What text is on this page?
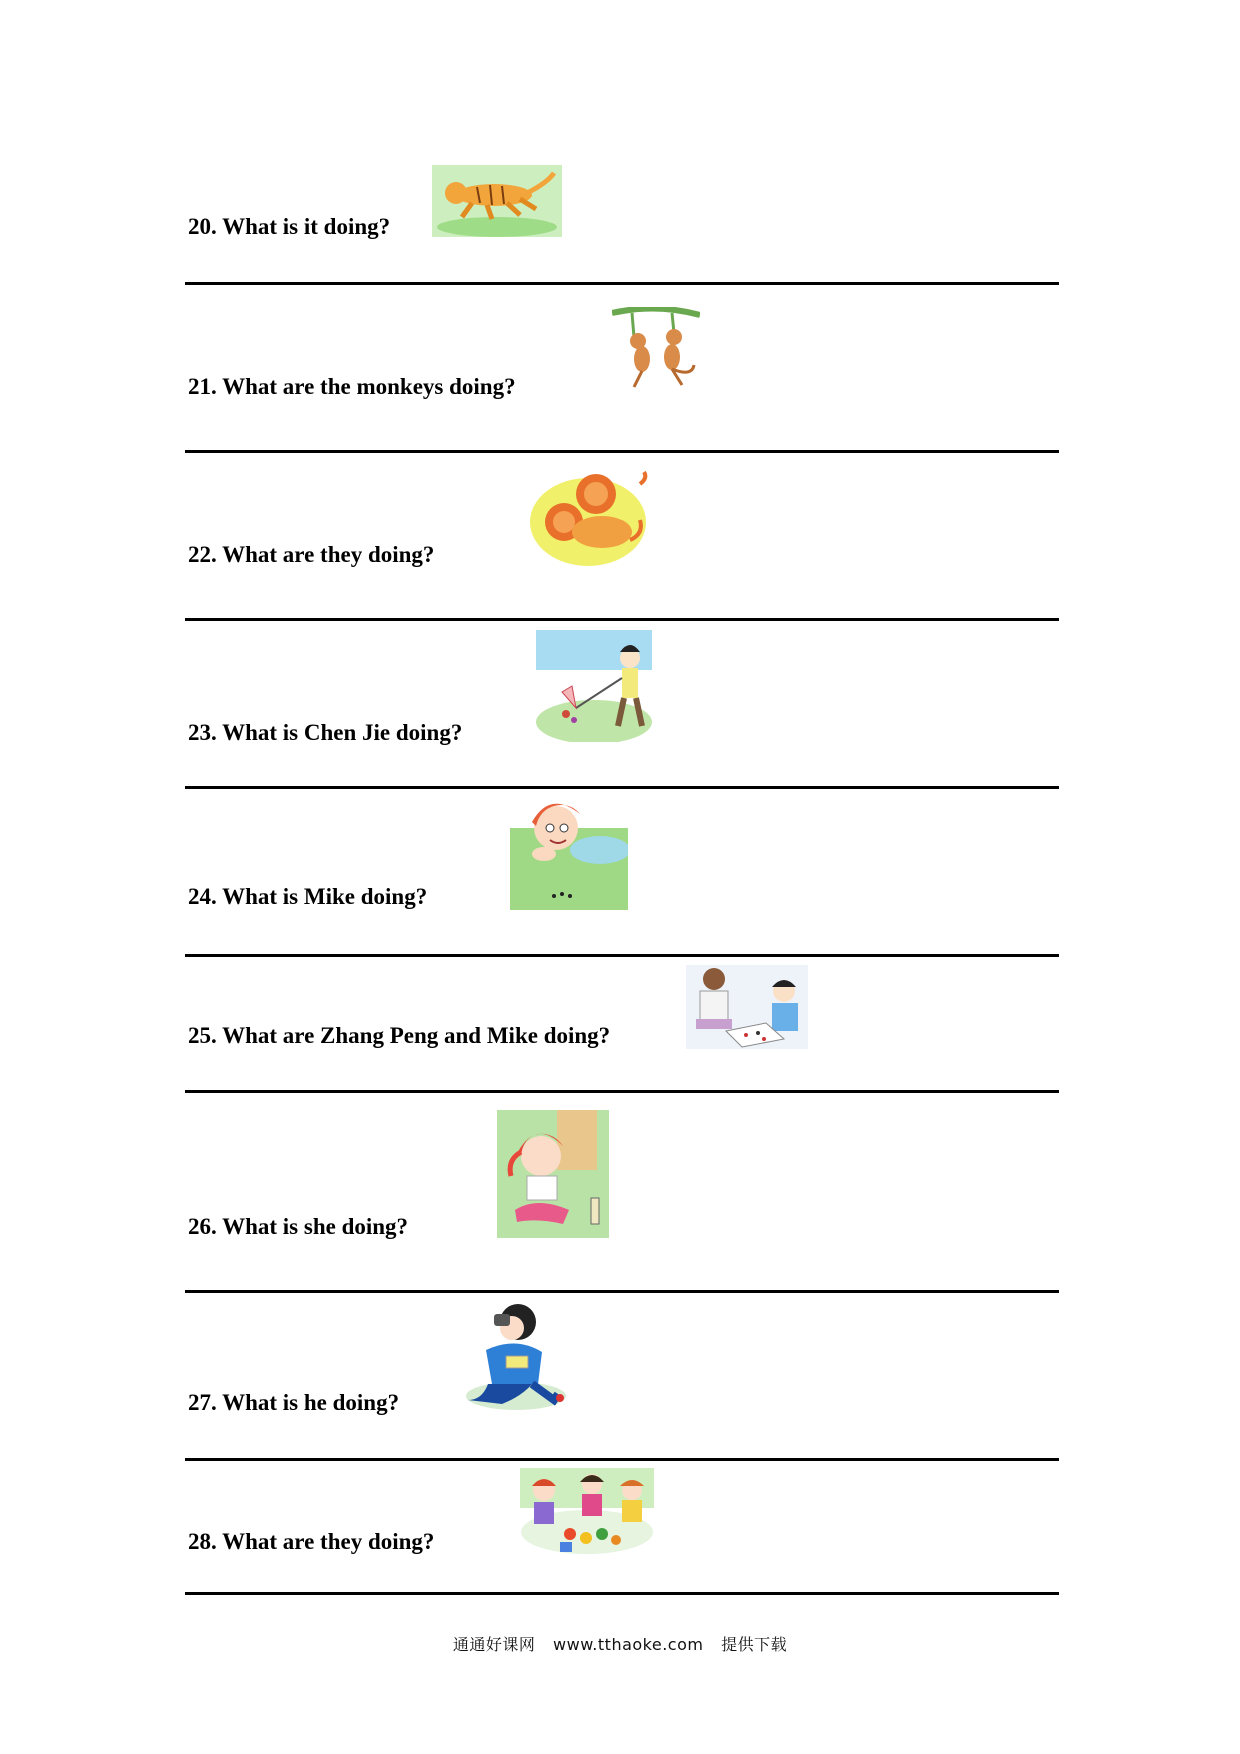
20. What is it doing?
21. What are the monkeys doing?
22. What are they doing?
23. What is Chen Jie doing?
24. What is Mike doing?
25. What are Zhang Peng and Mike doing?
26. What is she doing?
27. What is he doing?
28. What are they doing?
通通好课网 www.tthaoke.com 提供下载
